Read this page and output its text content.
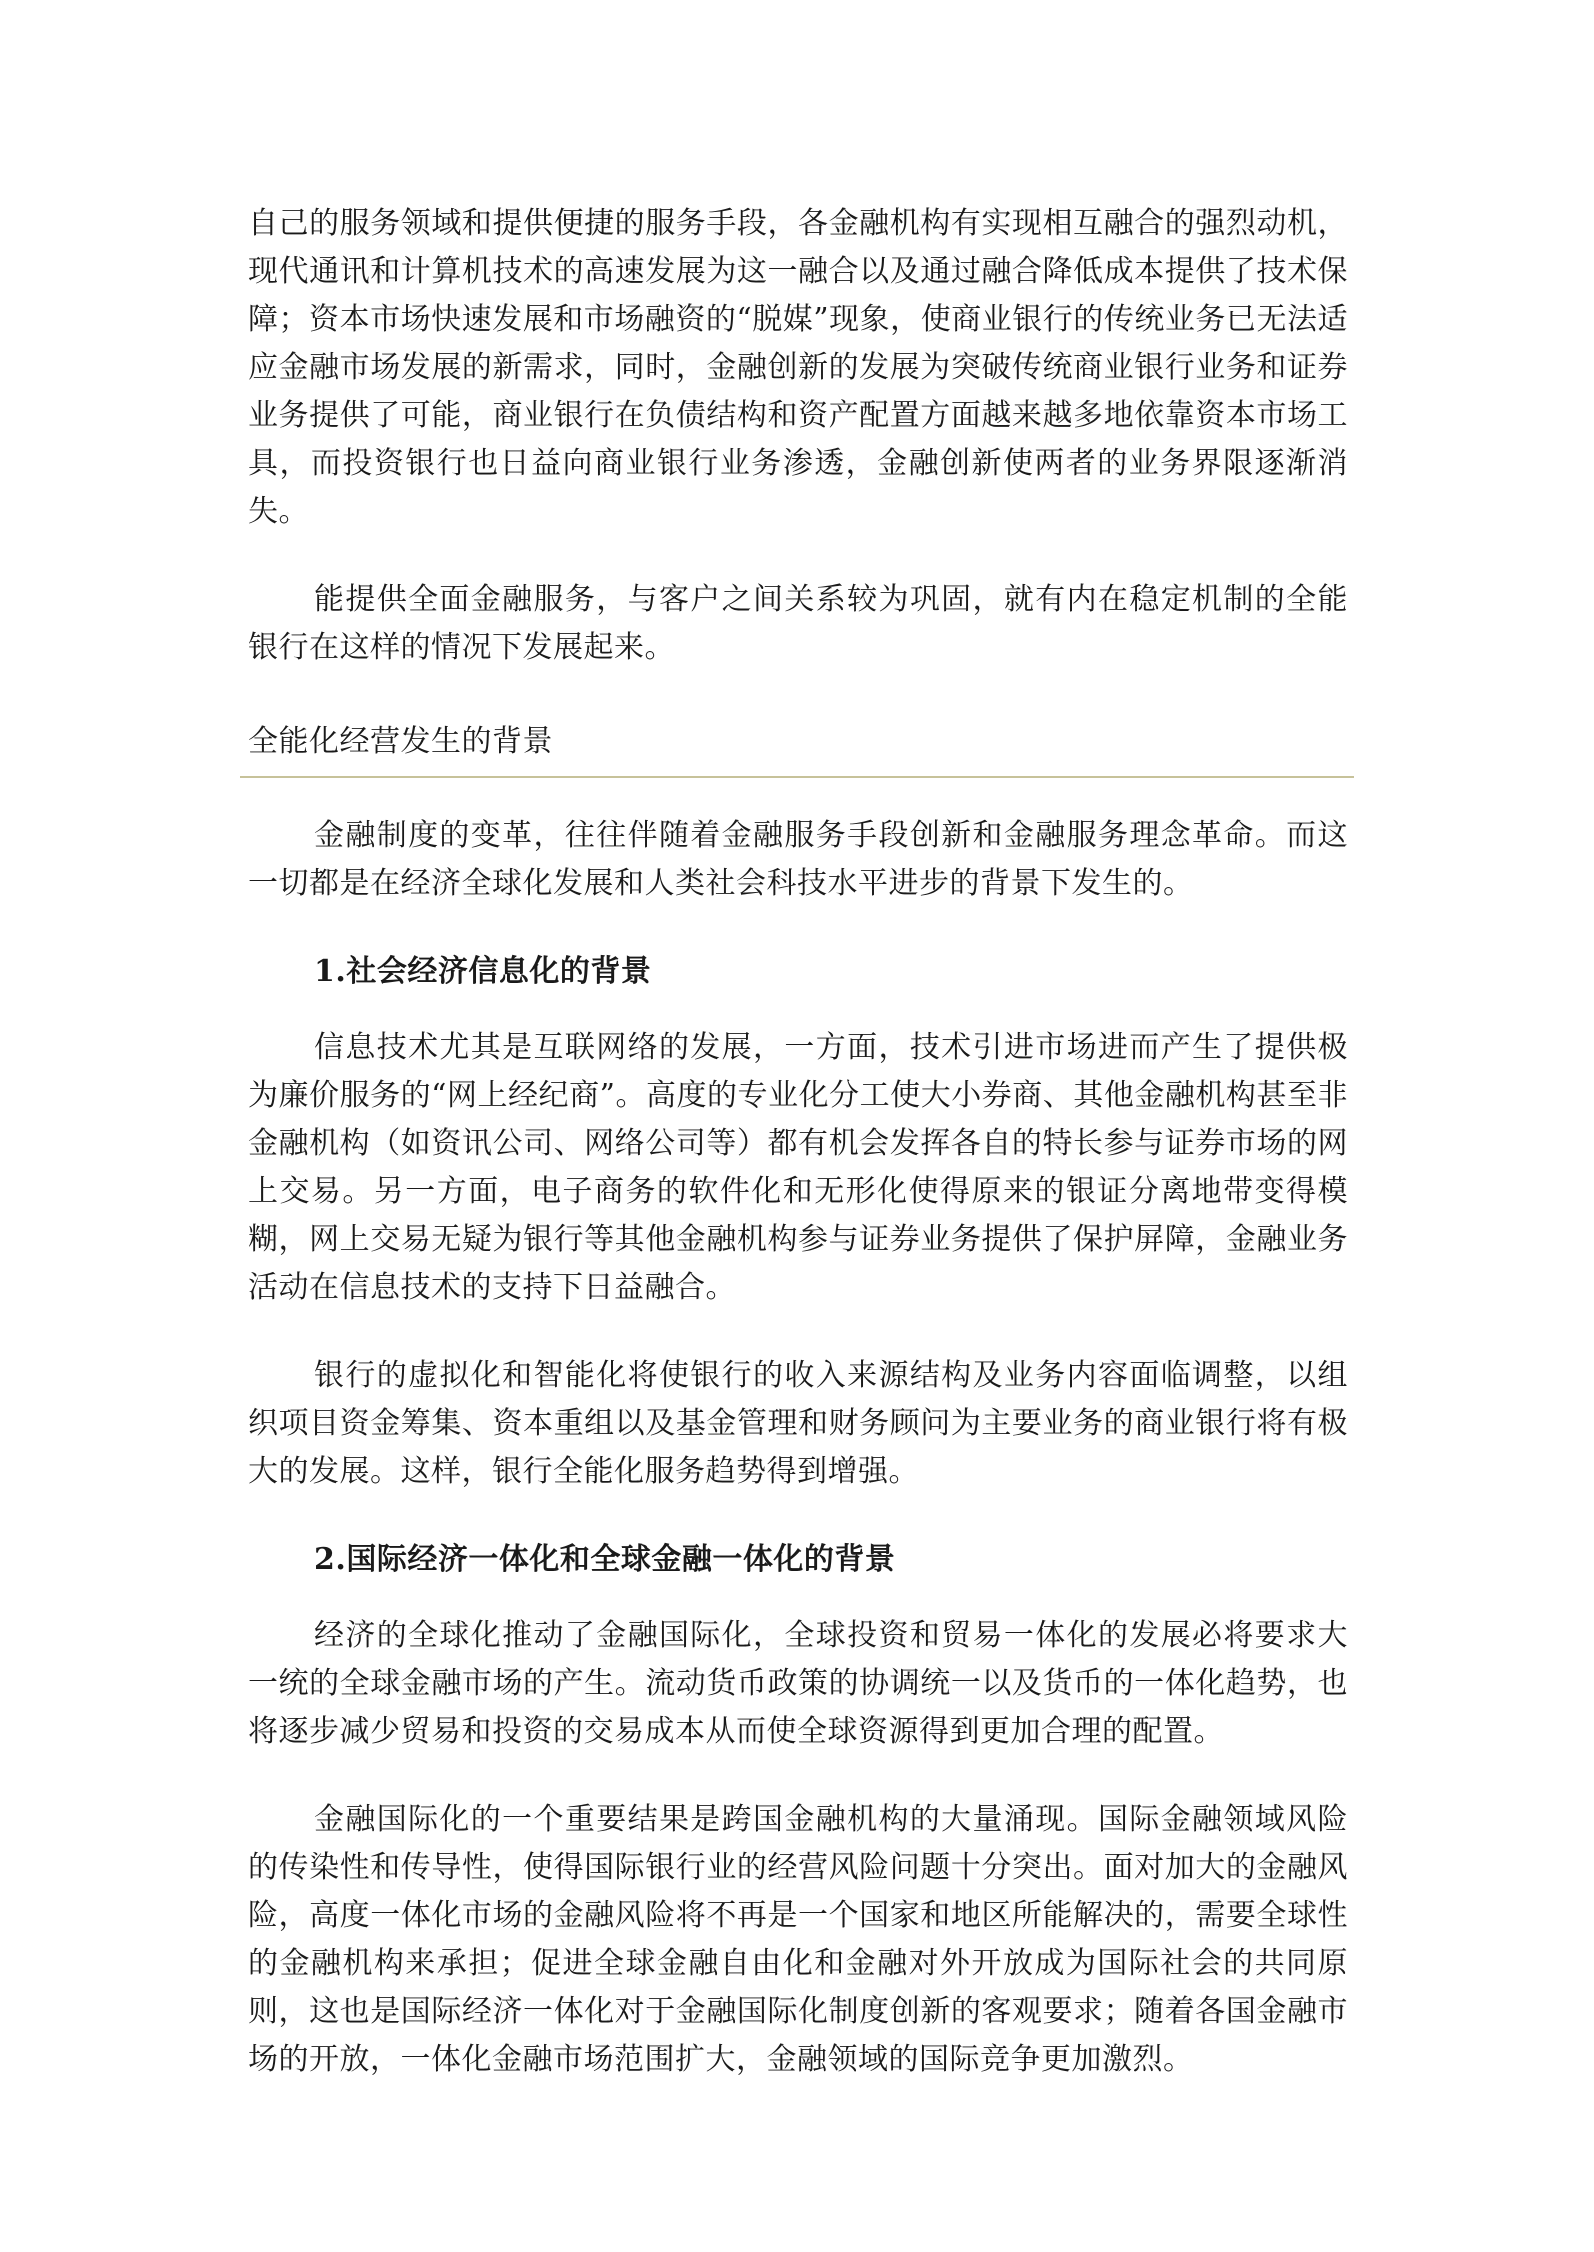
自己的服务领域和提供便捷的服务手段，各金融机构有实现相互融合的强烈动机，现代通讯和计算机技术的高速发展为这一融合以及通过融合降低成本提供了技术保障；资本市场快速发展和市场融资的“脱媒”现象，使商业银行的传统业务已无法适应金融市场发展的新需求，同时，金融创新的发展为突破传统商业银行业务和证券业务提供了可能，商业银行在负债结构和资产配置方面越来越多地依靠资本市场工具，而投资银行也日益向商业银行业务渗透，金融创新使两者的业务界限逐渐消失。

能提供全面金融服务，与客户之间关系较为巩固，就有内在稳定机制的全能银行在这样的情况下发展起来。

全能化经营发生的背景

金融制度的变革，往往伴随着金融服务手段创新和金融服务理念革命。而这一切都是在经济全球化发展和人类社会科技水平进步的背景下发生的。

1.社会经济信息化的背景

信息技术尤其是互联网络的发展，一方面，技术引进市场进而产生了提供极为廉价服务的“网上经纪商”。高度的专业化分工使大小券商、其他金融机构甚至非金融机构（如资讯公司、网络公司等）都有机会发挥各自的特长参与证券市场的网上交易。另一方面，电子商务的软件化和无形化使得原来的银证分离地带变得模糊，网上交易无疑为银行等其他金融机构参与证券业务提供了保护屏障，金融业务活动在信息技术的支持下日益融合。

银行的虚拟化和智能化将使银行的收入来源结构及业务内容面临调整，以组织项目资金筹集、资本重组以及基金管理和财务顾问为主要业务的商业银行将有极大的发展。这样，银行全能化服务趋势得到增强。

2.国际经济一体化和全球金融一体化的背景

经济的全球化推动了金融国际化，全球投资和贸易一体化的发展必将要求大一统的全球金融市场的产生。流动货币政策的协调统一以及货币的一体化趋势，也将逐步减少贸易和投资的交易成本从而使全球资源得到更加合理的配置。

金融国际化的一个重要结果是跨国金融机构的大量涌现。国际金融领域风险的传染性和传导性，使得国际银行业的经营风险问题十分突出。面对加大的金融风险，高度一体化市场的金融风险将不再是一个国家和地区所能解决的，需要全球性的金融机构来承担；促进全球金融自由化和金融对外开放成为国际社会的共同原则，这也是国际经济一体化对于金融国际化制度创新的客观要求；随着各国金融市场的开放，一体化金融市场范围扩大，金融领域的国际竞争更加激烈。
